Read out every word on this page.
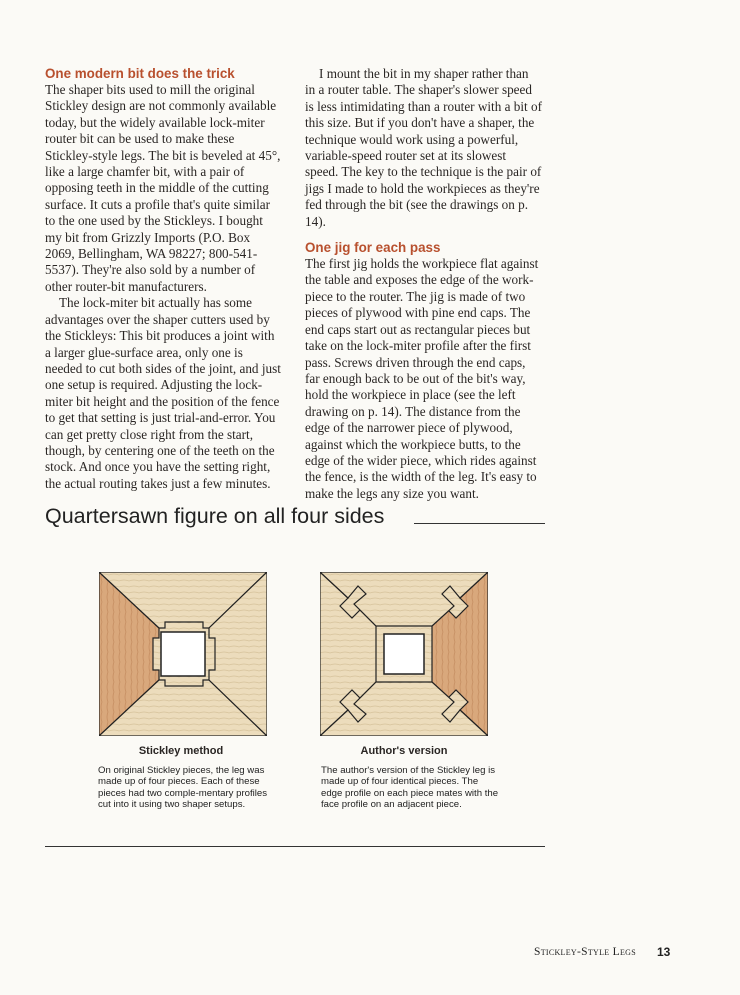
One modern bit does the trick

The shaper bits used to mill the original Stickley design are not commonly available today, but the widely available lock-miter router bit can be used to make these Stickley-style legs. The bit is beveled at 45°, like a large chamfer bit, with a pair of opposing teeth in the middle of the cutting surface. It cuts a profile that's quite similar to the one used by the Stickleys. I bought my bit from Grizzly Imports (P.O. Box 2069, Bellingham, WA 98227; 800-541-5537). They're also sold by a number of other router-bit manufacturers.

The lock-miter bit actually has some advantages over the shaper cutters used by the Stickleys: This bit produces a joint with a larger glue-surface area, only one is needed to cut both sides of the joint, and just one setup is required. Adjusting the lock-miter bit height and the position of the fence to get that setting is just trial-and-error. You can get pretty close right from the start, though, by centering one of the teeth on the stock. And once you have the setting right, the actual routing takes just a few minutes.

I mount the bit in my shaper rather than in a router table. The shaper's slower speed is less intimidating than a router with a bit of this size. But if you don't have a shaper, the technique would work using a powerful, variable-speed router set at its slowest speed. The key to the technique is the pair of jigs I made to hold the workpieces as they're fed through the bit (see the drawings on p. 14).

One jig for each pass

The first jig holds the workpiece flat against the table and exposes the edge of the work-piece to the router. The jig is made of two pieces of plywood with pine end caps. The end caps start out as rectangular pieces but take on the lock-miter profile after the first pass. Screws driven through the end caps, far enough back to be out of the bit's way, hold the workpiece in place (see the left drawing on p. 14). The distance from the edge of the narrower piece of plywood, against which the workpiece butts, to the edge of the wider piece, which rides against the fence, is the width of the leg. It's easy to make the legs any size you want.

Quartersawn figure on all four sides
Stickley method
On original Stickley pieces, the leg was made up of four pieces. Each of these pieces had two comple-mentary profiles cut into it using two shaper setups.
Author's version
The author's version of the Stickley leg is made up of four identical pieces. The edge profile on each piece mates with the face profile on an adjacent piece.
Stickley-Style Legs 13
